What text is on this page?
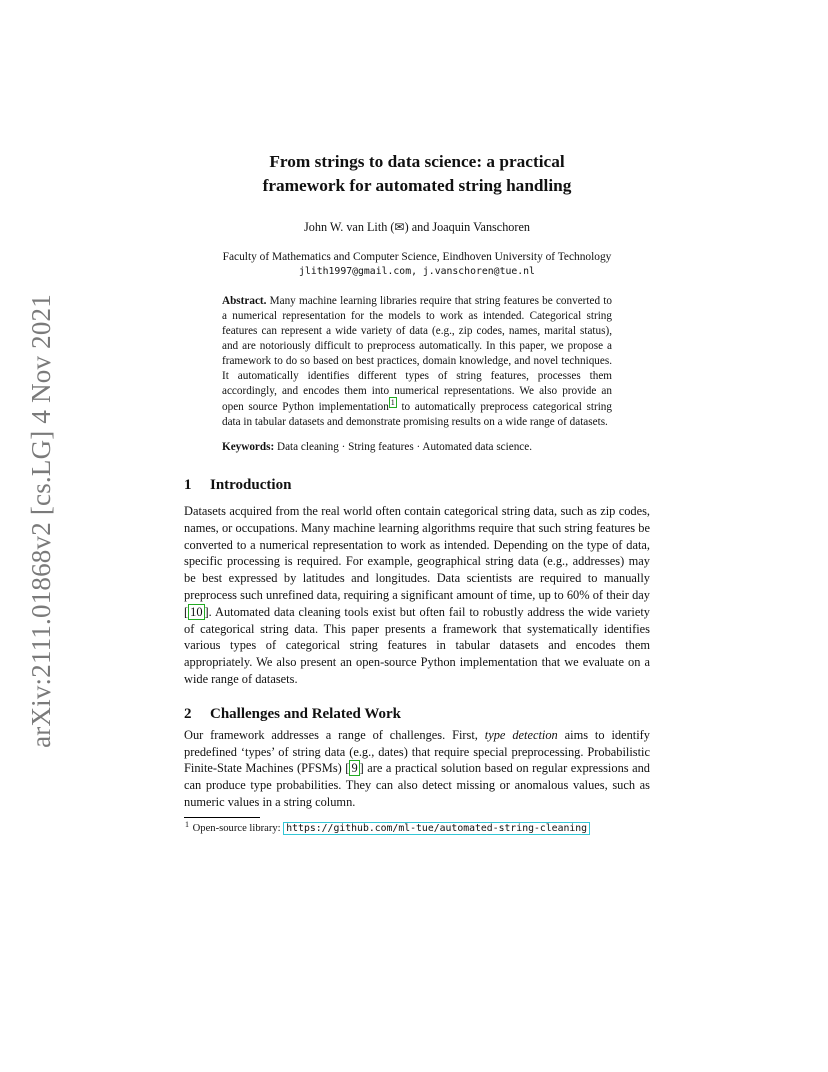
arXiv:2111.01868v2 [cs.LG] 4 Nov 2021
From strings to data science: a practical
framework for automated string handling
John W. van Lith (✉) and Joaquin Vanschoren
Faculty of Mathematics and Computer Science, Eindhoven University of Technology
jlith1997@gmail.com, j.vanschoren@tue.nl
Abstract. Many machine learning libraries require that string features be converted to a numerical representation for the models to work as intended. Categorical string features can represent a wide variety of data (e.g., zip codes, names, marital status), and are notoriously difficult to preprocess automatically. In this paper, we propose a framework to do so based on best practices, domain knowledge, and novel techniques. It automatically identifies different types of string features, processes them accordingly, and encodes them into numerical representations. We also provide an open source Python implementation $^1$ to automatically preprocess categorical string data in tabular datasets and demonstrate promising results on a wide range of datasets.
Keywords: Data cleaning · String features · Automated data science.
1 Introduction
Datasets acquired from the real world often contain categorical string data, such as zip codes, names, or occupations. Many machine learning algorithms require that such string features be converted to a numerical representation to work as intended. Depending on the type of data, specific processing is required. For example, geographical string data (e.g., addresses) may be best expressed by latitudes and longitudes. Data scientists are required to manually preprocess such unrefined data, requiring a significant amount of time, up to 60% of their day [ 10 ]. Automated data cleaning tools exist but often fail to robustly address the wide variety of categorical string data. This paper presents a framework that systematically identifies various types of categorical string features in tabular datasets and encodes them appropriately. We also present an open-source Python implementation that we evaluate on a wide range of datasets.
2 Challenges and Related Work
Our framework addresses a range of challenges. First, type detection aims to identify predefined ‘types’ of string data (e.g., dates) that require special preprocessing. Probabilistic Finite-State Machines (PFSMs) [ 9 ] are a practical solution based on regular expressions and can produce type probabilities. They can also detect missing or anomalous values, such as numeric values in a string column.
$^1$ Open-source library: https://github.com/ml-tue/automated-string-cleaning
